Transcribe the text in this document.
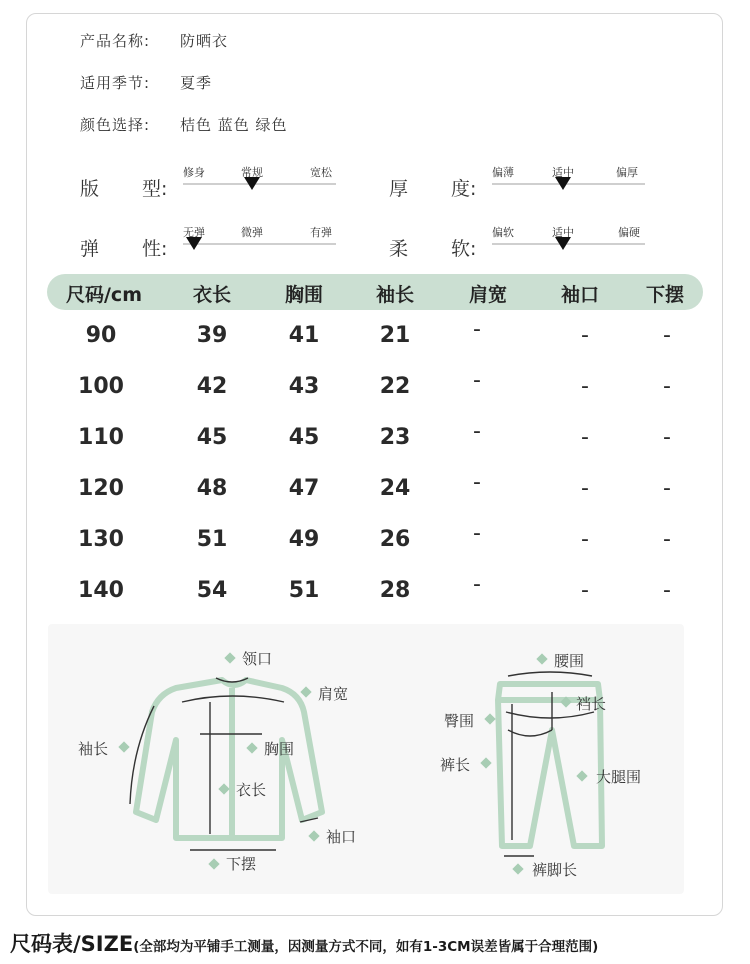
产品名称: 防晒衣
适用季节: 夏季
颜色选择: 桔色 蓝色 绿色
版 型:
修身	常规	宽松
厚 度:
偏薄	适中	偏厚
弹 性:
无弹	微弹	有弹
柔 软:
偏软	适中	偏硬
尺码/cm	衣长	胸围	袖长	肩宽	袖口 下摆
90	39	41	21	-	-	-
100	42	43	22	-	-	-
110	45	45	23	-	-	-
120	48	47	24	-	-	-
130	51	49	26	-	-	-
140	54	51	28	-	-	-
领口
肩宽
袖长	胸围
衣长
袖口
下摆
腰围
裆长
臀围
裤长
大腿围
裤脚长
尺码表/SIZE(全部均为平铺手工测量，因测量方式不同，如有1-3CM误差皆属于合理范围)
